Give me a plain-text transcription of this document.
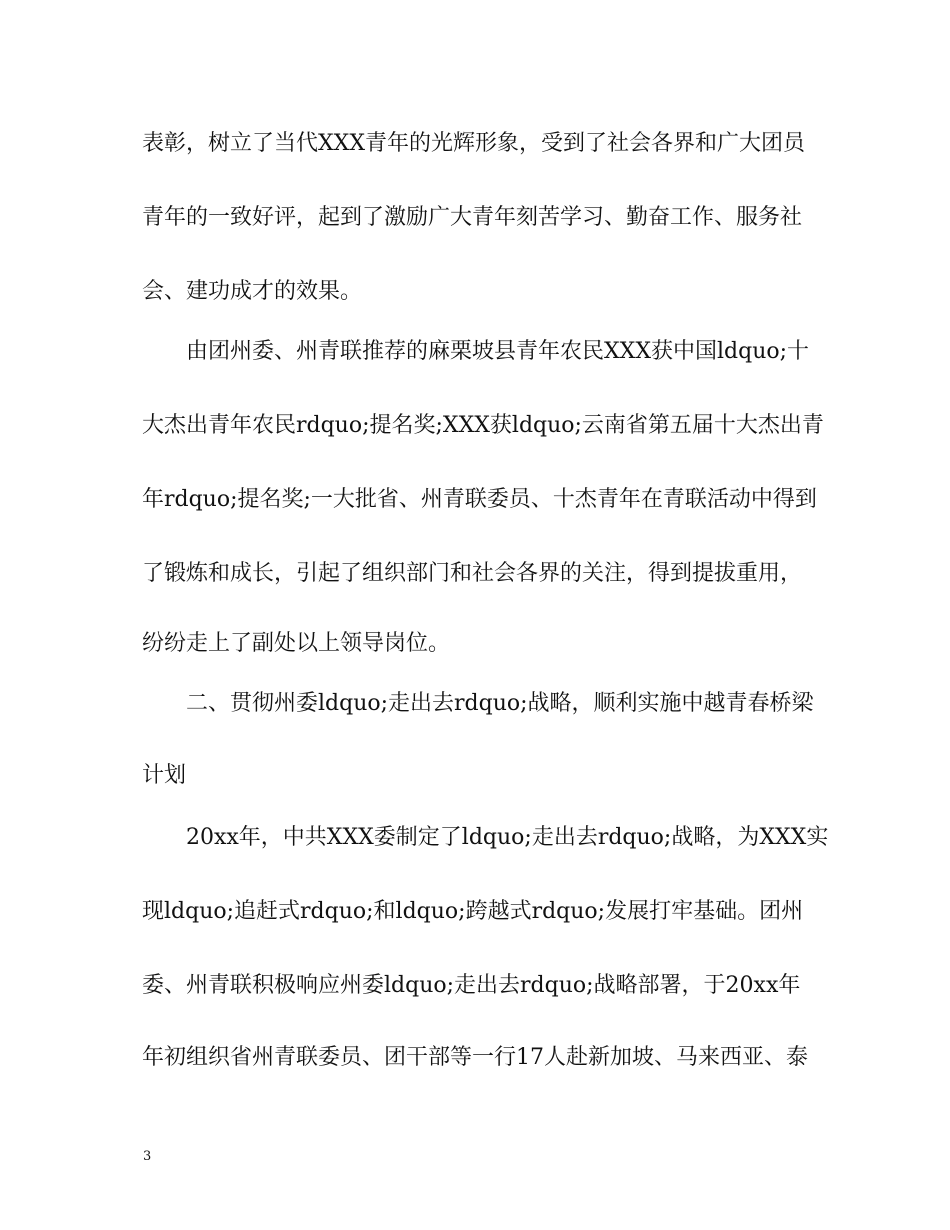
表彰，树立了当代XXX青年的光辉形象，受到了社会各界和广大团员
青年的一致好评，起到了激励广大青年刻苦学习、勤奋工作、服务社
会、建功成才的效果。
由团州委、州青联推荐的麻栗坡县青年农民XXX获中国ldquo;十
大杰出青年农民rdquo;提名奖;XXX获ldquo;云南省第五届十大杰出青
年rdquo;提名奖;一大批省、州青联委员、十杰青年在青联活动中得到
了锻炼和成长，引起了组织部门和社会各界的关注，得到提拔重用，
纷纷走上了副处以上领导岗位。
二、贯彻州委ldquo;走出去rdquo;战略，顺利实施中越青春桥梁
计划
20xx年，中共XXX委制定了ldquo;走出去rdquo;战略，为XXX实
现ldquo;追赶式rdquo;和ldquo;跨越式rdquo;发展打牢基础。团州
委、州青联积极响应州委ldquo;走出去rdquo;战略部署，于20xx年
年初组织省州青联委员、团干部等一行17人赴新加坡、马来西亚、泰
3
